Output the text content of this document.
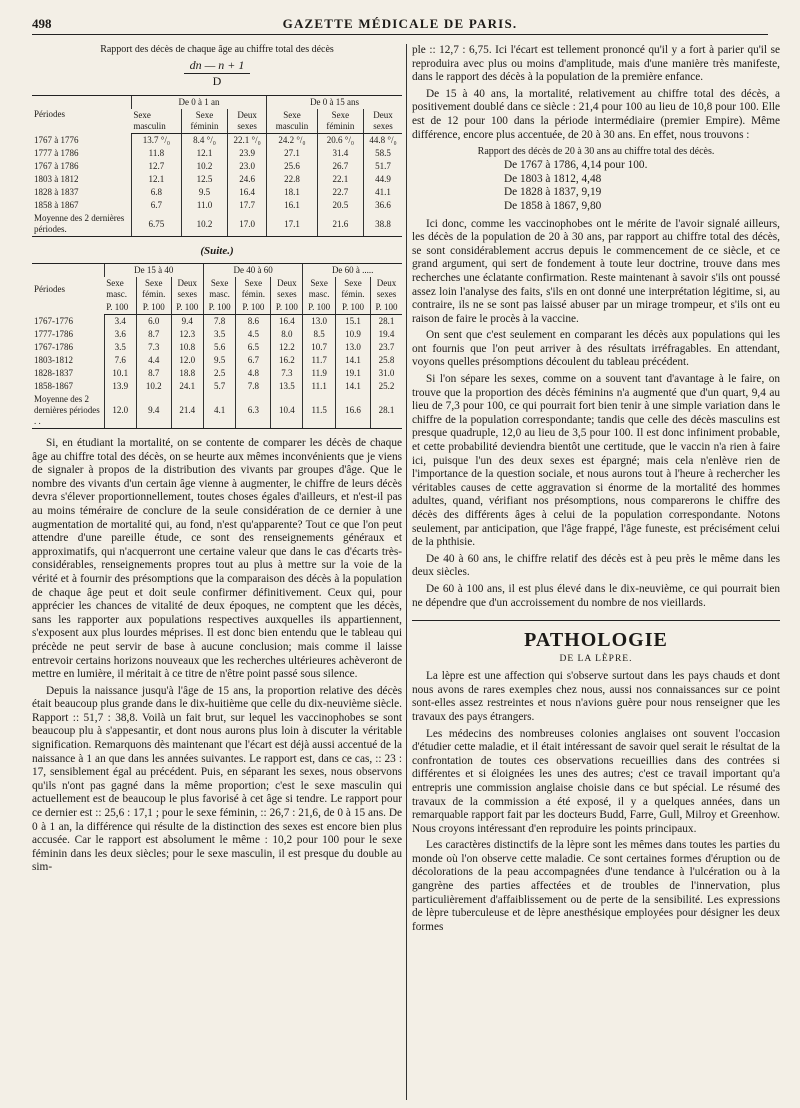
498	GAZETTE MÉDICALE DE PARIS.
Rapport des décès de chaque âge au chiffre total des décès
$\frac{dn — n + 1}{D}$
Périodes	De 0 à 1 an			De 0 à 15 ans		
	Sexe masculin	Sexe féminin	Deux sexes	Sexe masculin	Sexe féminin	Deux sexes
1767 à 1776	13.7 °/₀	8.4 °/₀	22.1 °/₀	24.2 °/₀	20.6 °/₀	44.8 °/₀
1777 à 1786	11.8	12.1	23.9	27.1	31.4	58.5
1767 à 1786	12.7	10.2	23.0	25.6	26.7	51.7
1803 à 1812	12.1	12.5	24.6	22.8	22.1	44.9
1828 à 1837	6.8	9.5	16.4	18.1	22.7	41.1
1858 à 1867	6.7	11.0	17.7	16.1	20.5	36.6
Moyenne des 2 dernières périodes.	6.75	10.2	17.0	17.1	21.6	38.8
(Suite.)
Périodes	De 15 à 40			De 40 à 60			De 60 à .....		
	Sexe masc.	Sexe fémin.	Deux sexes	Sexe masc.	Sexe fémin.	Deux sexes	Sexe masc.	Sexe fémin.	Deux sexes
	P. 100	P. 100	P. 100	P. 100	P. 100	P. 100	P. 100	P. 100	P. 100
1767-1776	3.4	6.0	9.4	7.8	8.6	16.4	13.0	15.1	28.1
1777-1786	3.6	8.7	12.3	3.5	4.5	8.0	8.5	10.9	19.4
1767-1786	3.5	7.3	10.8	5.6	6.5	12.2	10.7	13.0	23.7
1803-1812	7.6	4.4	12.0	9.5	6.7	16.2	11.7	14.1	25.8
1828-1837	10.1	8.7	18.8	2.5	4.8	7.3	11.9	19.1	31.0
1858-1867	13.9	10.2	24.1	5.7	7.8	13.5	11.1	14.1	25.2
Moyenne des 2 dernières périodes . .	12.0	9.4	21.4	4.1	6.3	10.4	11.5	16.6	28.1

Si, en étudiant la mortalité, on se contente de comparer les décès de chaque âge au chiffre total des décès, on se heurte aux mêmes inconvénients que je viens de signaler à propos de la distribution des vivants par groupes d'âge. Que le nombre des vivants d'un certain âge vienne à augmenter, le chiffre de leurs décès devra s'élever proportionnellement, toutes choses égales d'ailleurs, et n'est-il pas au moins téméraire de conclure de la seule considération de ce dernier à une augmentation de mortalité qui, au fond, n'est qu'apparente? Tout ce que l'on peut attendre d'une pareille étude, ce sont des renseignements généraux et approximatifs, qui n'acquerront une certaine valeur que dans le cas d'écarts très-considérables, renseignements propres tout au plus à mettre sur la voie de la vérité et à fournir des présomptions que la comparaison des décès à la population de chaque âge peut et doit seule confirmer définitivement. Ceux qui, pour apprécier les chances de vitalité de deux époques, ne comptent que les décès, sans les rapporter aux populations respectives auxquelles ils appartiennent, s'exposent aux plus lourdes méprises. Il est donc bien entendu que le tableau qui précède ne peut servir de base à aucune conclusion; mais comme il laisse entrevoir certains horizons nouveaux que les recherches ultérieures achèveront de mettre en lumière, il méritait à ce titre de n'être point passé sous silence.

Depuis la naissance jusqu'à l'âge de 15 ans, la proportion relative des décès était beaucoup plus grande dans le dix-huitième que celle du dix-neuvième siècle. Rapport :: 51,7 : 38,8. Voilà un fait brut, sur lequel les vaccinophobes se sont beaucoup plu à s'appesantir, et dont nous aurons plus loin à discuter la véritable signification. Remarquons dès maintenant que l'écart est déjà aussi accentué de la naissance à 1 an que dans les années suivantes. Le rapport est, dans ce cas, :: 23 : 17, sensiblement égal au précédent. Puis, en séparant les sexes, nous observons qu'ils n'ont pas gagné dans la même proportion; c'est le sexe masculin qui actuellement est de beaucoup le plus favorisé à cet âge si tendre. Le rapport pour ce dernier est :: 25,6 : 17,1 ; pour le sexe féminin, :: 26,7 : 21,6, de 0 à 15 ans. De 0 à 1 an, la différence qui résulte de la distinction des sexes est encore bien plus accusée. Car le rapport est absolument le même : 10,2 pour 100 pour le sexe féminin dans les deux siècles; pour le sexe masculin, il est presque du double au sim-

ple :: 12,7 : 6,75. Ici l'écart est tellement prononcé qu'il y a fort à parier qu'il se reproduira avec plus ou moins d'amplitude, mais d'une manière très manifeste, dans le rapport des décès à la population de la première enfance.

De 15 à 40 ans, la mortalité, relativement au chiffre total des décès, a positivement doublé dans ce siècle : 21,4 pour 100 au lieu de 10,8 pour 100. Elle est de 12 pour 100 dans la période intermédiaire (premier Empire). Même différence, encore plus accentuée, de 20 à 30 ans. En effet, nous trouvons :

Rapport des décès de 20 à 30 ans au chiffre total des décès.
De 1767 à 1786, 4,14 pour 100.
De 1803 à 1812, 4,48
De 1828 à 1837, 9,19
De 1858 à 1867, 9,80

Ici donc, comme les vaccinophobes ont le mérite de l'avoir signalé ailleurs, les décès de la population de 20 à 30 ans, par rapport au chiffre total des décès, se sont considérablement accrus depuis le commencement de ce siècle, et ce grand argument, qui sert de fondement à toute leur doctrine, trouve dans mes recherches une éclatante confirmation. Reste maintenant à savoir s'ils ont poussé assez loin l'analyse des faits, s'ils en ont donné une interprétation légitime, si, au contraire, ils ne se sont pas laissé abuser par un mirage trompeur, et s'ils ont eu raison de faire le procès à la vaccine.

On sent que c'est seulement en comparant les décès aux populations qui les ont fournis que l'on peut arriver à des résultats irréfragables. En attendant, voyons quelles présomptions découlent du tableau précédent.

Si l'on sépare les sexes, comme on a souvent tant d'avantage à le faire, on trouve que la proportion des décès féminins n'a augmenté que d'un quart, 9,4 au lieu de 7,3 pour 100, ce qui pourrait fort bien tenir à une simple variation dans le chiffre de la population correspondante; tandis que celle des décès masculins est presque quadruple, 12,0 au lieu de 3,5 pour 100. Il est donc infiniment probable, et cette probabilité deviendra bientôt une certitude, que le vaccin n'a rien à faire ici, puisque l'un des deux sexes est épargné; mais cela n'enlève rien de l'importance de la question sociale, et nous aurons tout à l'heure à rechercher les véritables causes de cette aggravation si énorme de la mortalité des hommes adultes, quand, vérifiant nos présomptions, nous comparerons le chiffre des décès des différents âges à celui de la population correspondante. Notons seulement, par anticipation, que l'âge frappé, l'âge funeste, est précisément celui de la phthisie.

De 40 à 60 ans, le chiffre relatif des décès est à peu près le même dans les deux siècles.

De 60 à 100 ans, il est plus élevé dans le dix-neuvième, ce qui pourrait bien ne dépendre que d'un accroissement du nombre de nos vieillards.

PATHOLOGIE
DE LA LÈPRE.

La lèpre est une affection qui s'observe surtout dans les pays chauds et dont nous avons de rares exemples chez nous, aussi nos connaissances sur ce point sont-elles assez restreintes et nous n'avions guère pour nous renseigner que les travaux des pays étrangers.

Les médecins des nombreuses colonies anglaises ont souvent l'occasion d'étudier cette maladie, et il était intéressant de savoir quel serait le résultat de la confrontation de toutes ces observations recueillies dans des contrées si différentes et si éloignées les unes des autres; c'est ce travail important qu'a entrepris une commission anglaise choisie dans ce but spécial. Le résumé des travaux de la commission a été exposé, il y a quelques années, dans un remarquable rapport fait par les docteurs Budd, Farre, Gull, Milroy et Greenhow. Nous croyons intéressant d'en reproduire les points principaux.

Les caractères distinctifs de la lèpre sont les mêmes dans toutes les parties du monde où l'on observe cette maladie. Ce sont certaines formes d'éruption ou de décolorations de la peau accompagnées d'une tendance à l'ulcération ou à la gangrène des parties affectées et de troubles de l'innervation, plus particulièrement d'affaiblissement ou de perte de la sensibilité. Les expressions de lèpre tuberculeuse et de lèpre anesthésique employées pour désigner les deux formes
